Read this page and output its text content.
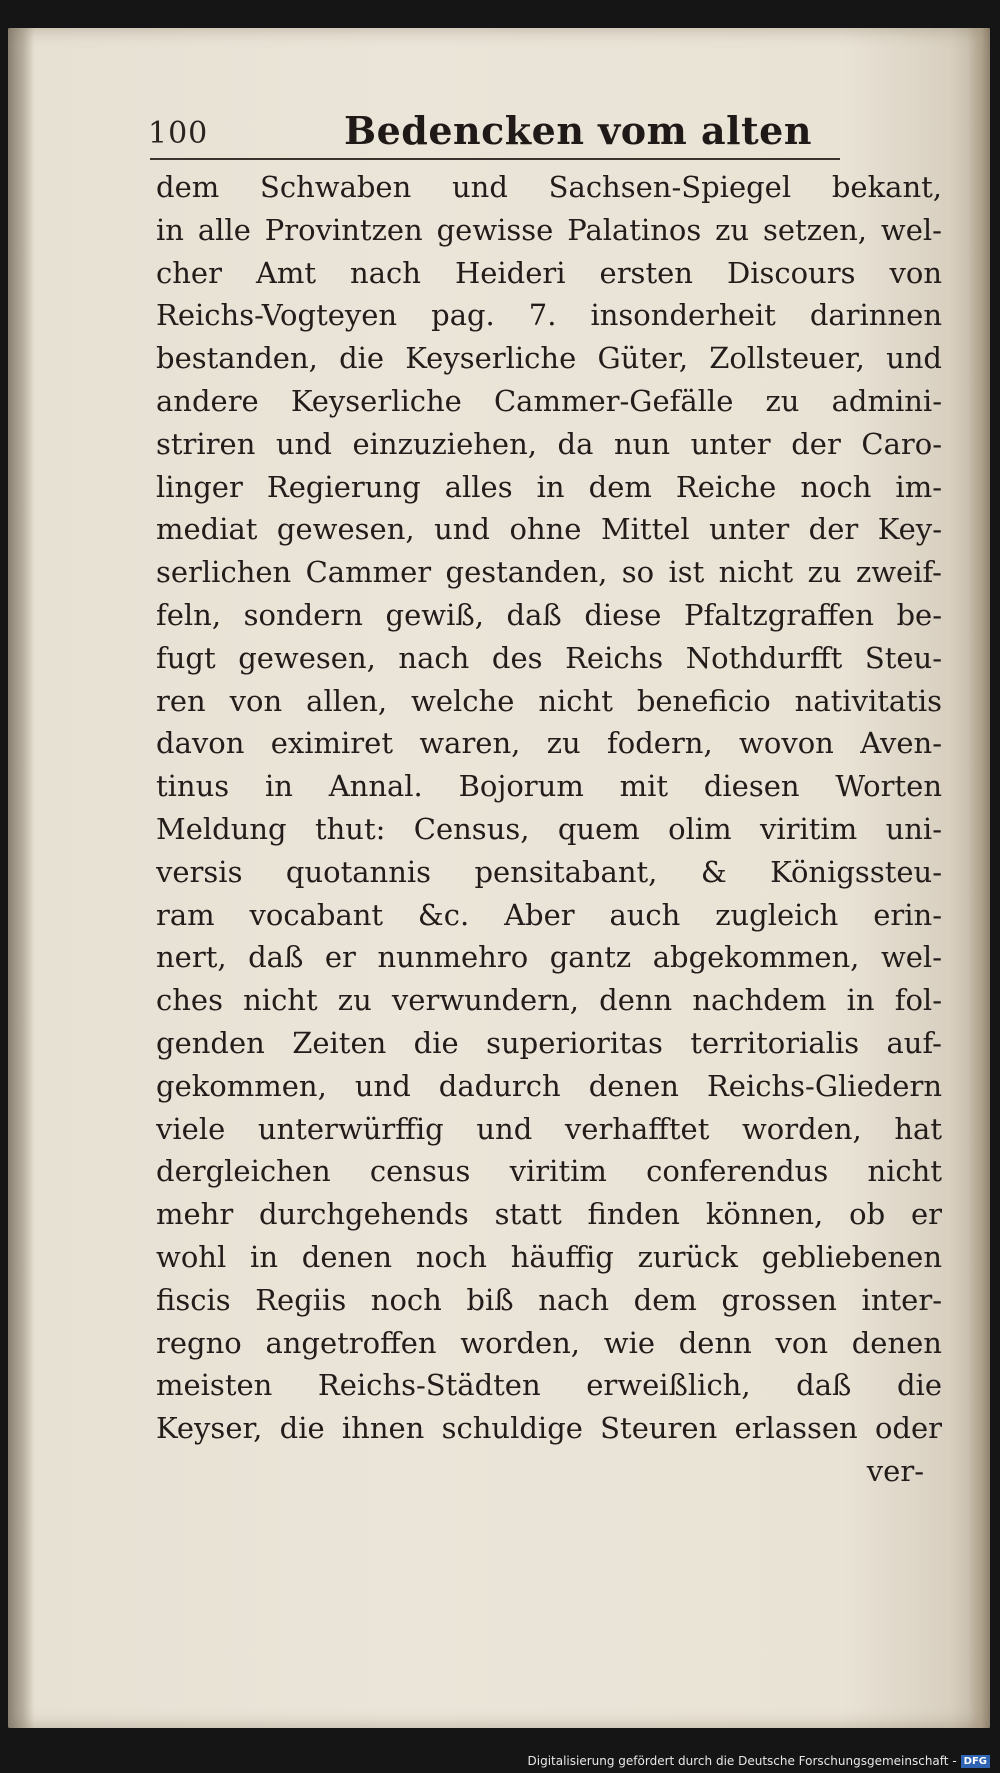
100	Bedencken vom alten
dem Schwaben und Sachsen-Spiegel bekant,
in alle Provintzen gewisse Palatinos zu setzen, wel-
cher Amt nach Heideri ersten Discours von
Reichs-Vogteyen pag. 7. insonderheit darinnen
bestanden, die Keyserliche Güter, Zollsteuer, und
andere Keyserliche Cammer-Gefälle zu admini-
striren und einzuziehen, da nun unter der Caro-
linger Regierung alles in dem Reiche noch im-
mediat gewesen, und ohne Mittel unter der Key-
serlichen Cammer gestanden, so ist nicht zu zweif-
feln, sondern gewiß, daß diese Pfaltzgraffen be-
fugt gewesen, nach des Reichs Nothdurfft Steu-
ren von allen, welche nicht beneficio nativitatis
davon eximiret waren, zu fodern, wovon Aven-
tinus in Annal. Bojorum mit diesen Worten
Meldung thut: Census, quem olim viritim uni-
versis quotannis pensitabant, & Königssteu-
ram vocabant &c. Aber auch zugleich erin-
nert, daß er nunmehro gantz abgekommen, wel-
ches nicht zu verwundern, denn nachdem in fol-
genden Zeiten die superioritas territorialis auf-
gekommen, und dadurch denen Reichs-Gliedern
viele unterwürffig und verhafftet worden, hat
dergleichen census viritim conferendus nicht
mehr durchgehends statt finden können, ob er
wohl in denen noch häuffig zurück gebliebenen
fiscis Regiis noch biß nach dem grossen inter-
regno angetroffen worden, wie denn von denen
meisten Reichs-Städten erweißlich, daß die
Keyser, die ihnen schuldige Steuren erlassen oder
ver-
Digitalisierung gefördert durch die Deutsche Forschungsgemeinschaft - DFG
